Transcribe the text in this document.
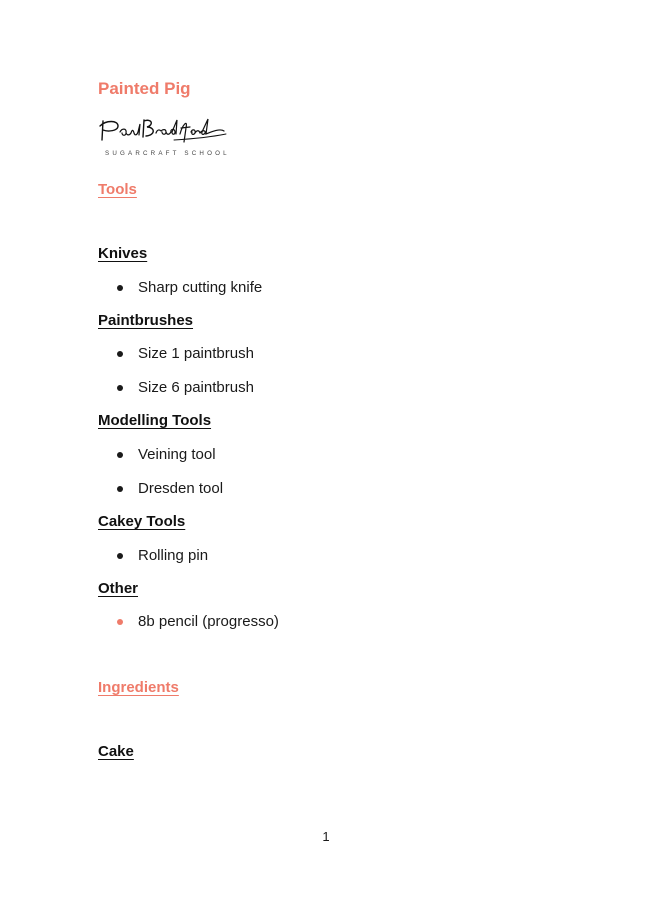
Painted Pig
SUGARCRAFT SCHOOL
Tools
Knives
Sharp cutting knife
Paintbrushes
Size 1 paintbrush
Size 6 paintbrush
Modelling Tools
Veining tool
Dresden tool
Cakey Tools
Rolling pin
Other
8b pencil (progresso)
Ingredients
Cake
1
